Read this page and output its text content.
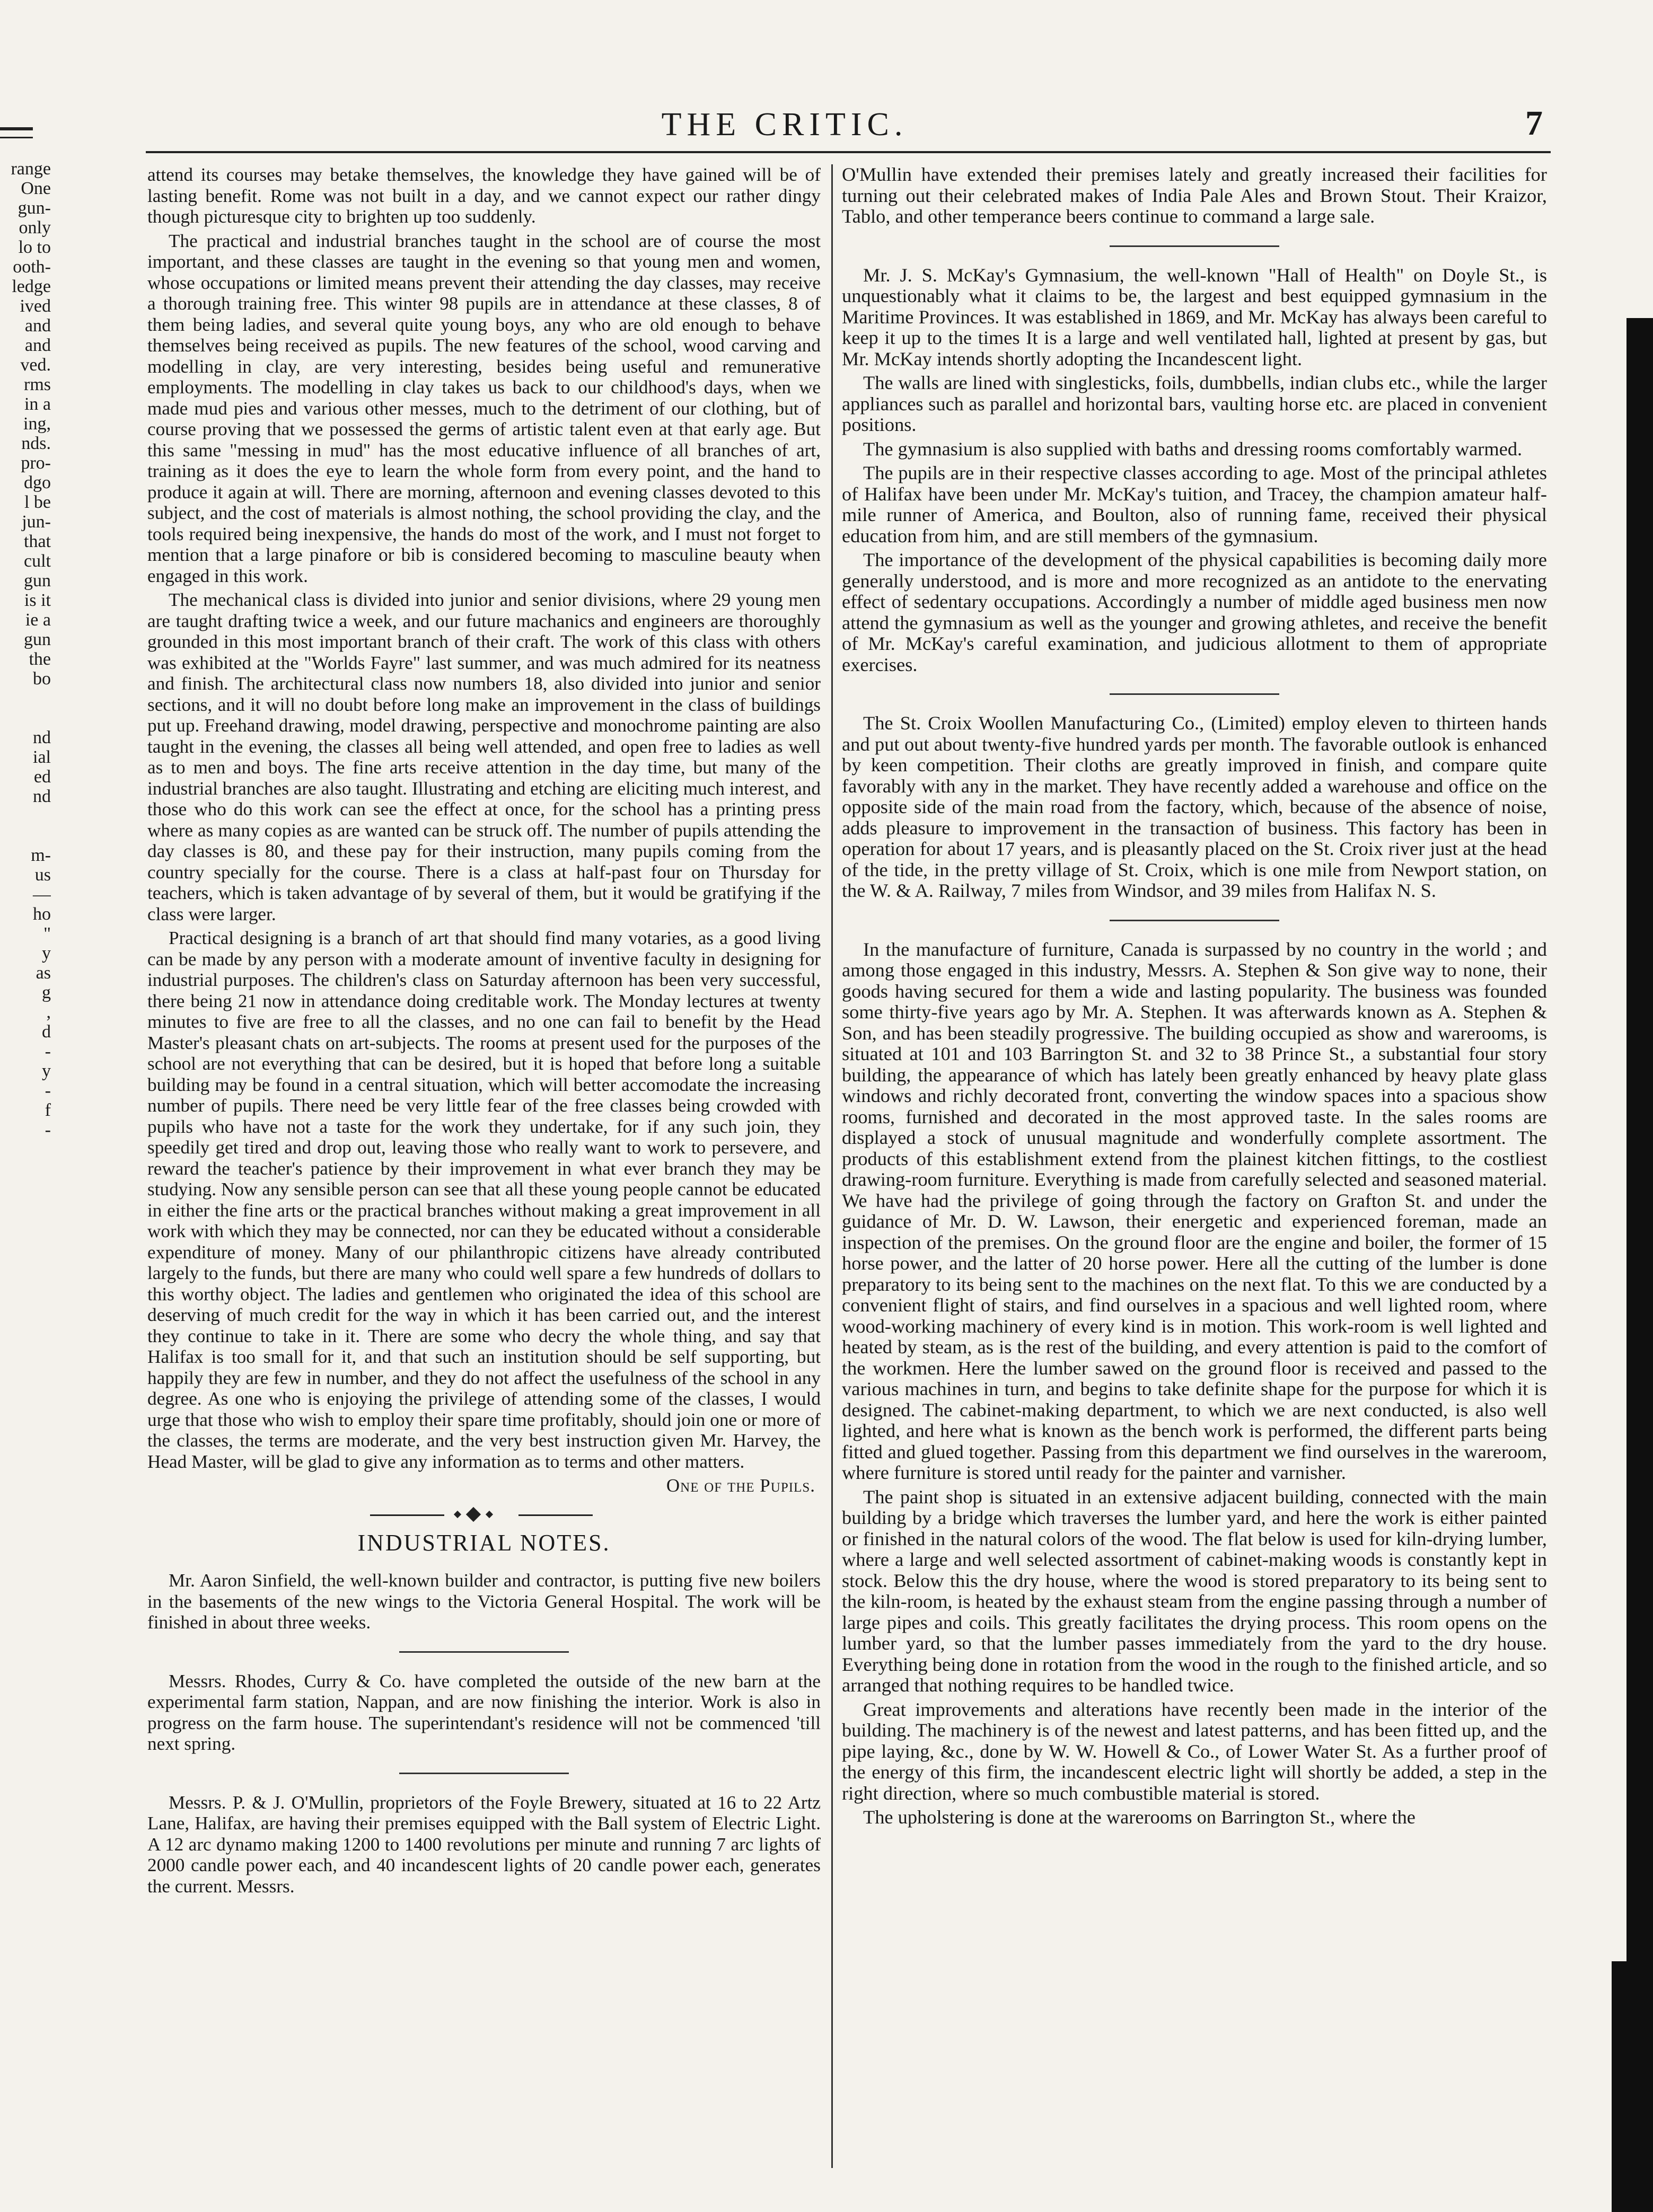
THE CRITIC.	7
range
One
gun-
only
lo to
ooth-
ledge
ived
and
and
ved.
rms
in a
ing,
nds.
pro-
dgo
l be
jun-
that
cult
gun
is it
ie a
gun
the
bo
nd
ial
ed
nd
m-
us
—
ho
"
y
as
g
,
d
-
y
-
f
-

attend its courses may betake themselves, the knowledge they have gained will be of lasting benefit. Rome was not built in a day, and we cannot expect our rather dingy though picturesque city to brighten up too suddenly.

The practical and industrial branches taught in the school are of course the most important, and these classes are taught in the evening so that young men and women, whose occupations or limited means prevent their attending the day classes, may receive a thorough training free. This winter 98 pupils are in attendance at these classes, 8 of them being ladies, and several quite young boys, any who are old enough to behave themselves being received as pupils. The new features of the school, wood carving and modelling in clay, are very interesting, besides being useful and remunerative employments. The modelling in clay takes us back to our childhood's days, when we made mud pies and various other messes, much to the detriment of our clothing, but of course proving that we possessed the germs of artistic talent even at that early age. But this same "messing in mud" has the most educative influence of all branches of art, training as it does the eye to learn the whole form from every point, and the hand to produce it again at will. There are morning, afternoon and evening classes devoted to this subject, and the cost of materials is almost nothing, the school providing the clay, and the tools required being inexpensive, the hands do most of the work, and I must not forget to mention that a large pinafore or bib is considered becoming to masculine beauty when engaged in this work.

The mechanical class is divided into junior and senior divisions, where 29 young men are taught drafting twice a week, and our future machanics and engineers are thoroughly grounded in this most important branch of their craft. The work of this class with others was exhibited at the "Worlds Fayre" last summer, and was much admired for its neatness and finish. The architectural class now numbers 18, also divided into junior and senior sections, and it will no doubt before long make an improvement in the class of buildings put up. Freehand drawing, model drawing, perspective and monochrome painting are also taught in the evening, the classes all being well attended, and open free to ladies as well as to men and boys. The fine arts receive attention in the day time, but many of the industrial branches are also taught. Illustrating and etching are eliciting much interest, and those who do this work can see the effect at once, for the school has a printing press where as many copies as are wanted can be struck off. The number of pupils attending the day classes is 80, and these pay for their instruction, many pupils coming from the country specially for the course. There is a class at half-past four on Thursday for teachers, which is taken advantage of by several of them, but it would be gratifying if the class were larger.

Practical designing is a branch of art that should find many votaries, as a good living can be made by any person with a moderate amount of inventive faculty in designing for industrial purposes. The children's class on Saturday afternoon has been very successful, there being 21 now in attendance doing creditable work. The Monday lectures at twenty minutes to five are free to all the classes, and no one can fail to benefit by the Head Master's pleasant chats on art-subjects. The rooms at present used for the purposes of the school are not everything that can be desired, but it is hoped that before long a suitable building may be found in a central situation, which will better accomodate the increasing number of pupils. There need be very little fear of the free classes being crowded with pupils who have not a taste for the work they undertake, for if any such join, they speedily get tired and drop out, leaving those who really want to work to persevere, and reward the teacher's patience by their improvement in what ever branch they may be studying. Now any sensible person can see that all these young people cannot be educated in either the fine arts or the practical branches without making a great improvement in all work with which they may be connected, nor can they be educated without a considerable expenditure of money. Many of our philanthropic citizens have already contributed largely to the funds, but there are many who could well spare a few hundreds of dollars to this worthy object. The ladies and gentlemen who originated the idea of this school are deserving of much credit for the way in which it has been carried out, and the interest they continue to take in it. There are some who decry the whole thing, and say that Halifax is too small for it, and that such an institution should be self supporting, but happily they are few in number, and they do not affect the usefulness of the school in any degree. As one who is enjoying the privilege of attending some of the classes, I would urge that those who wish to employ their spare time profitably, should join one or more of the classes, the terms are moderate, and the very best instruction given Mr. Harvey, the Head Master, will be glad to give any information as to terms and other matters.

One of the Pupils.
INDUSTRIAL NOTES.

Mr. Aaron Sinfield, the well-known builder and contractor, is putting five new boilers in the basements of the new wings to the Victoria General Hospital. The work will be finished in about three weeks.

Messrs. Rhodes, Curry & Co. have completed the outside of the new barn at the experimental farm station, Nappan, and are now finishing the interior. Work is also in progress on the farm house. The superintendant's residence will not be commenced 'till next spring.

Messrs. P. & J. O'Mullin, proprietors of the Foyle Brewery, situated at 16 to 22 Artz Lane, Halifax, are having their premises equipped with the Ball system of Electric Light. A 12 arc dynamo making 1200 to 1400 revolutions per minute and running 7 arc lights of 2000 candle power each, and 40 incandescent lights of 20 candle power each, generates the current. Messrs.

O'Mullin have extended their premises lately and greatly increased their facilities for turning out their celebrated makes of India Pale Ales and Brown Stout. Their Kraizor, Tablo, and other temperance beers continue to command a large sale.

Mr. J. S. McKay's Gymnasium, the well-known "Hall of Health" on Doyle St., is unquestionably what it claims to be, the largest and best equipped gymnasium in the Maritime Provinces. It was established in 1869, and Mr. McKay has always been careful to keep it up to the times It is a large and well ventilated hall, lighted at present by gas, but Mr. McKay intends shortly adopting the Incandescent light.

The walls are lined with singlesticks, foils, dumbbells, indian clubs etc., while the larger appliances such as parallel and horizontal bars, vaulting horse etc. are placed in convenient positions.

The gymnasium is also supplied with baths and dressing rooms comfortably warmed.

The pupils are in their respective classes according to age. Most of the principal athletes of Halifax have been under Mr. McKay's tuition, and Tracey, the champion amateur half-mile runner of America, and Boulton, also of running fame, received their physical education from him, and are still members of the gymnasium.

The importance of the development of the physical capabilities is becoming daily more generally understood, and is more and more recognized as an antidote to the enervating effect of sedentary occupations. Accordingly a number of middle aged business men now attend the gymnasium as well as the younger and growing athletes, and receive the benefit of Mr. McKay's careful examination, and judicious allotment to them of appropriate exercises.

The St. Croix Woollen Manufacturing Co., (Limited) employ eleven to thirteen hands and put out about twenty-five hundred yards per month. The favorable outlook is enhanced by keen competition. Their cloths are greatly improved in finish, and compare quite favorably with any in the market. They have recently added a warehouse and office on the opposite side of the main road from the factory, which, because of the absence of noise, adds pleasure to improvement in the transaction of business. This factory has been in operation for about 17 years, and is pleasantly placed on the St. Croix river just at the head of the tide, in the pretty village of St. Croix, which is one mile from Newport station, on the W. & A. Railway, 7 miles from Windsor, and 39 miles from Halifax N. S.

In the manufacture of furniture, Canada is surpassed by no country in the world ; and among those engaged in this industry, Messrs. A. Stephen & Son give way to none, their goods having secured for them a wide and lasting popularity. The business was founded some thirty-five years ago by Mr. A. Stephen. It was afterwards known as A. Stephen & Son, and has been steadily progressive. The building occupied as show and warerooms, is situated at 101 and 103 Barrington St. and 32 to 38 Prince St., a substantial four story building, the appearance of which has lately been greatly enhanced by heavy plate glass windows and richly decorated front, converting the window spaces into a spacious show rooms, furnished and decorated in the most approved taste. In the sales rooms are displayed a stock of unusual magnitude and wonderfully complete assortment. The products of this establishment extend from the plainest kitchen fittings, to the costliest drawing-room furniture. Everything is made from carefully selected and seasoned material. We have had the privilege of going through the factory on Grafton St. and under the guidance of Mr. D. W. Lawson, their energetic and experienced foreman, made an inspection of the premises. On the ground floor are the engine and boiler, the former of 15 horse power, and the latter of 20 horse power. Here all the cutting of the lumber is done preparatory to its being sent to the machines on the next flat. To this we are conducted by a convenient flight of stairs, and find ourselves in a spacious and well lighted room, where wood-working machinery of every kind is in motion. This work-room is well lighted and heated by steam, as is the rest of the building, and every attention is paid to the comfort of the workmen. Here the lumber sawed on the ground floor is received and passed to the various machines in turn, and begins to take definite shape for the purpose for which it is designed. The cabinet-making department, to which we are next conducted, is also well lighted, and here what is known as the bench work is performed, the different parts being fitted and glued together. Passing from this department we find ourselves in the wareroom, where furniture is stored until ready for the painter and varnisher.

The paint shop is situated in an extensive adjacent building, connected with the main building by a bridge which traverses the lumber yard, and here the work is either painted or finished in the natural colors of the wood. The flat below is used for kiln-drying lumber, where a large and well selected assortment of cabinet-making woods is constantly kept in stock. Below this the dry house, where the wood is stored preparatory to its being sent to the kiln-room, is heated by the exhaust steam from the engine passing through a number of large pipes and coils. This greatly facilitates the drying process. This room opens on the lumber yard, so that the lumber passes immediately from the yard to the dry house. Everything being done in rotation from the wood in the rough to the finished article, and so arranged that nothing requires to be handled twice.

Great improvements and alterations have recently been made in the interior of the building. The machinery is of the newest and latest patterns, and has been fitted up, and the pipe laying, &c., done by W. W. Howell & Co., of Lower Water St. As a further proof of the energy of this firm, the incandescent electric light will shortly be added, a step in the right direction, where so much combustible material is stored.

The upholstering is done at the warerooms on Barrington St., where the
